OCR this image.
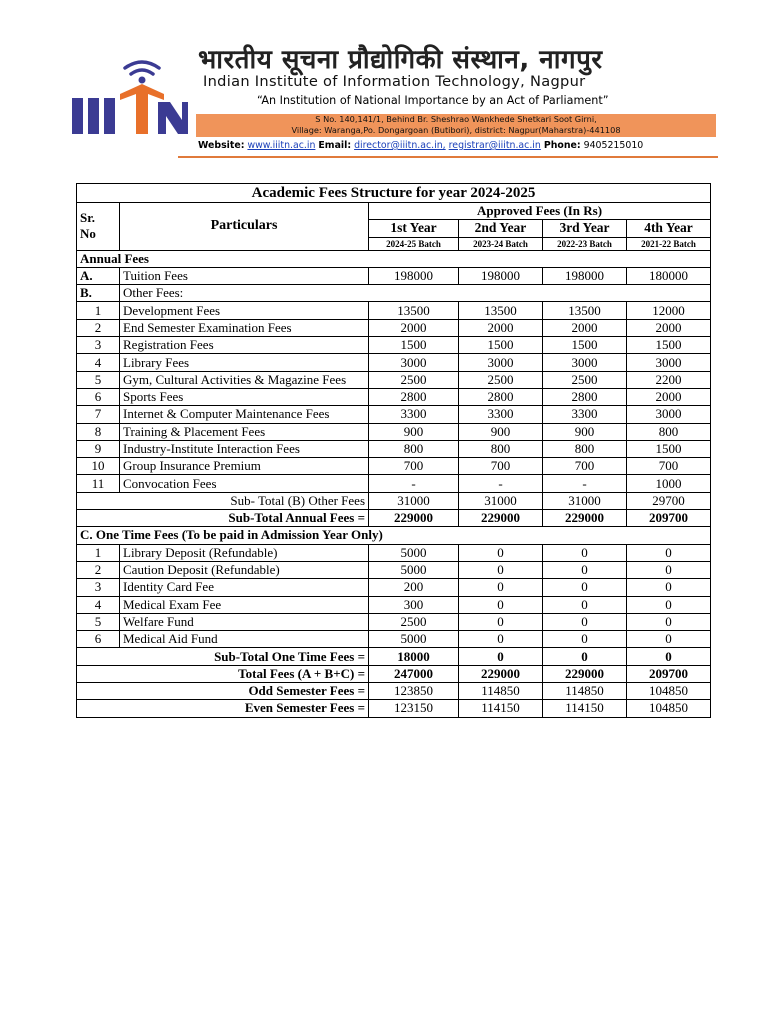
भारतीय सूचना प्रौद्योगिकी संस्थान, नागपुर
Indian Institute of Information Technology, Nagpur
“An Institution of National Importance by an Act of Parliament”
S No. 140,141/1, Behind Br. Sheshrao Wankhede Shetkari Soot Girni,
Village: Waranga,Po. Dongargoan (Butibori), district: Nagpur(Maharstra)-441108
Website: www.iiitn.ac.in Email: director@iiitn.ac.in, registrar@iiitn.ac.in Phone: 9405215010
Academic Fees Structure for year 2024-2025					
Sr.
No	Particulars	Approved Fees (In Rs)			
		1st Year	2nd Year	3rd Year	4th Year
		2024-25 Batch	2023-24 Batch	2022-23 Batch	2021-22 Batch
Annual Fees					
A.	Tuition Fees	198000	198000	198000	180000
B.	Other Fees:				
1	Development Fees	13500	13500	13500	12000
2	End Semester Examination Fees	2000	2000	2000	2000
3	Registration Fees	1500	1500	1500	1500
4	Library Fees	3000	3000	3000	3000
5	Gym, Cultural Activities & Magazine Fees	2500	2500	2500	2200
6	Sports Fees	2800	2800	2800	2000
7	Internet & Computer Maintenance Fees	3300	3300	3300	3000
8	Training & Placement Fees	900	900	900	800
9	Industry-Institute Interaction Fees	800	800	800	1500
10	Group Insurance Premium	700	700	700	700
11	Convocation Fees	-	-	-	1000
Sub- Total (B) Other Fees		31000	31000	31000	29700
Sub-Total Annual Fees =		229000	229000	229000	209700
C. One Time Fees (To be paid in Admission Year Only)					
1	Library Deposit (Refundable)	5000	0	0	0
2	Caution Deposit (Refundable)	5000	0	0	0
3	Identity Card Fee	200	0	0	0
4	Medical Exam Fee	300	0	0	0
5	Welfare Fund	2500	0	0	0
6	Medical Aid Fund	5000	0	0	0
Sub-Total One Time Fees =		18000	0	0	0
Total Fees (A + B+C) =		247000	229000	229000	209700
Odd Semester Fees =		123850	114850	114850	104850
Even Semester Fees =		123150	114150	114150	104850
